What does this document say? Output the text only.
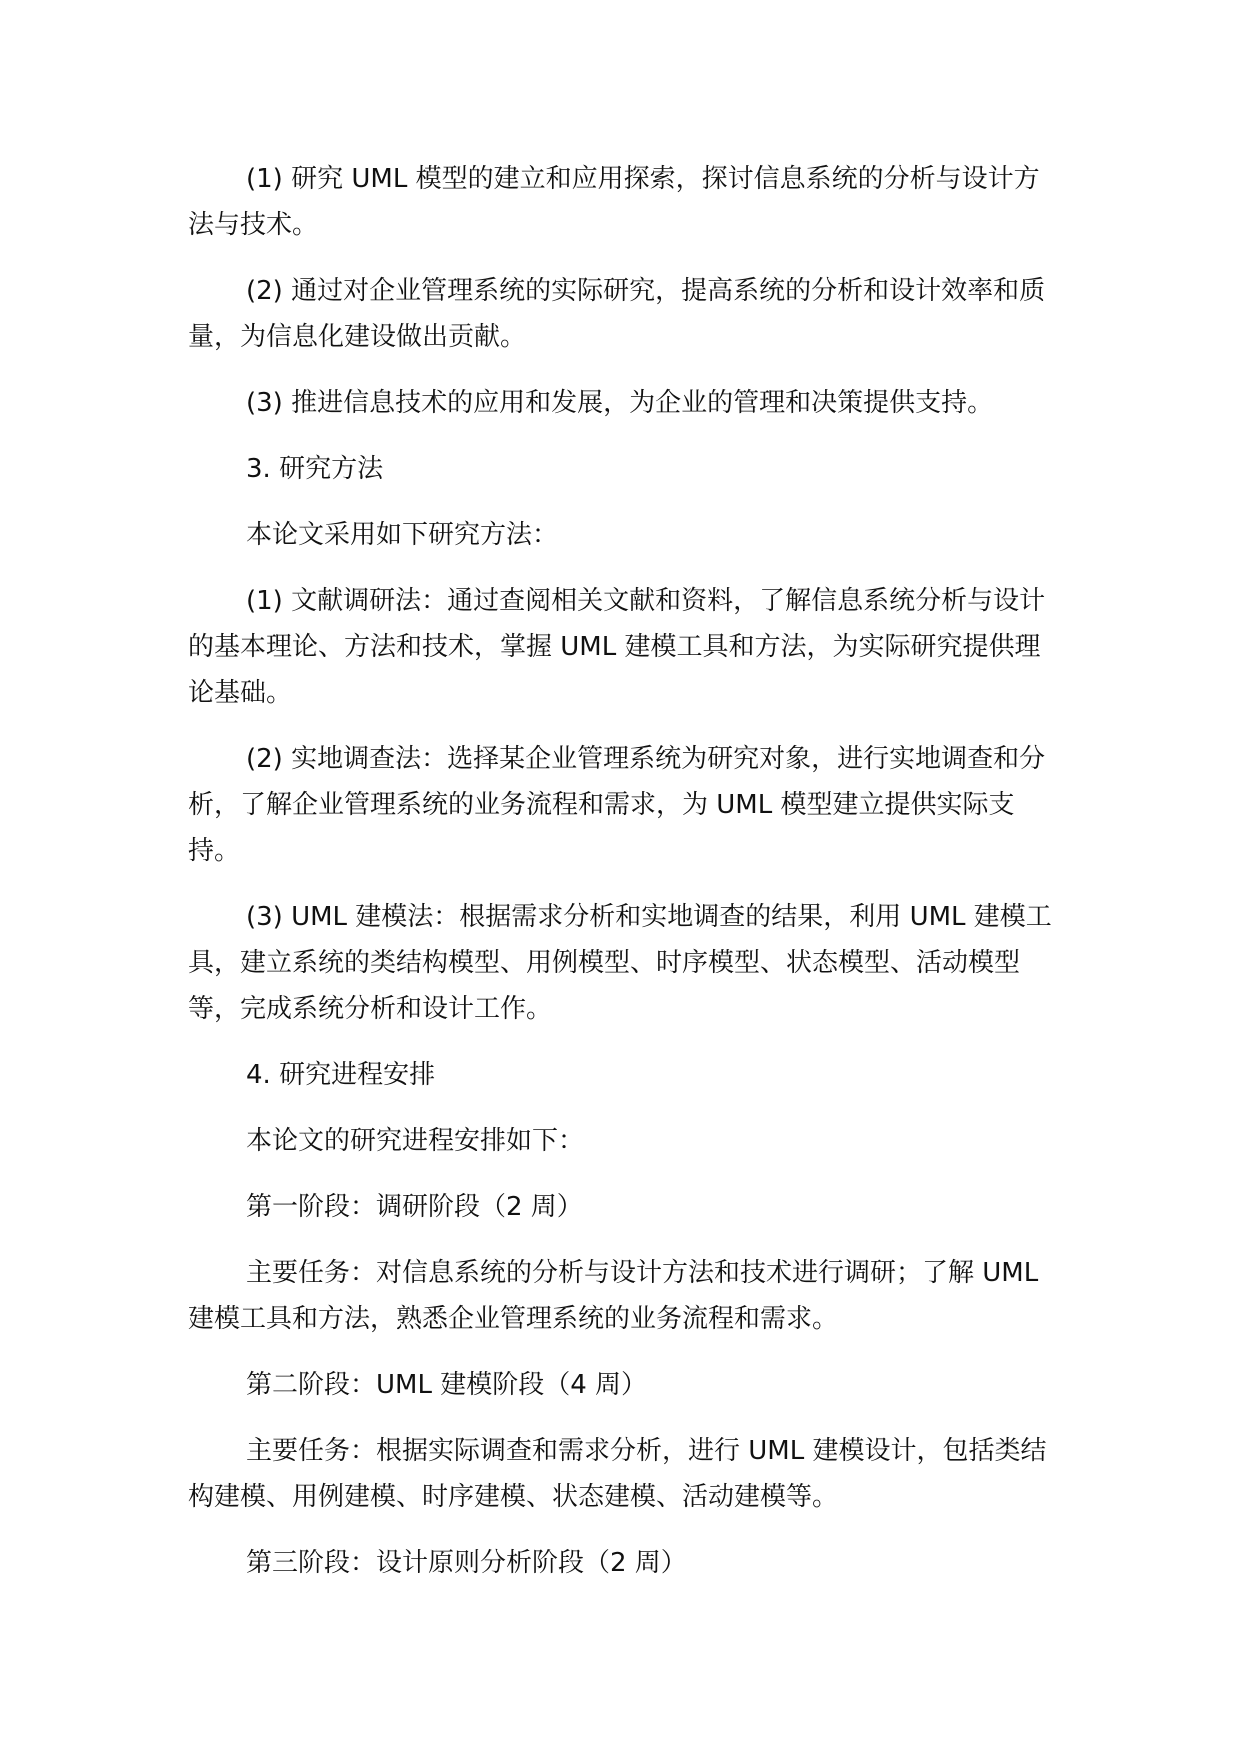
(1) 研究 UML 模型的建立和应用探索，探讨信息系统的分析与设计方法与技术。

(2) 通过对企业管理系统的实际研究，提高系统的分析和设计效率和质量，为信息化建设做出贡献。

(3) 推进信息技术的应用和发展，为企业的管理和决策提供支持。

3. 研究方法

本论文采用如下研究方法：

(1) 文献调研法：通过查阅相关文献和资料，了解信息系统分析与设计的基本理论、方法和技术，掌握 UML 建模工具和方法，为实际研究提供理论基础。

(2) 实地调查法：选择某企业管理系统为研究对象，进行实地调查和分析，了解企业管理系统的业务流程和需求，为 UML 模型建立提供实际支持。

(3) UML 建模法：根据需求分析和实地调查的结果，利用 UML 建模工具，建立系统的类结构模型、用例模型、时序模型、状态模型、活动模型等，完成系统分析和设计工作。

4. 研究进程安排

本论文的研究进程安排如下：

第一阶段：调研阶段（2 周）

主要任务：对信息系统的分析与设计方法和技术进行调研；了解 UML 建模工具和方法，熟悉企业管理系统的业务流程和需求。

第二阶段：UML 建模阶段（4 周）

主要任务：根据实际调查和需求分析，进行 UML 建模设计，包括类结构建模、用例建模、时序建模、状态建模、活动建模等。

第三阶段：设计原则分析阶段（2 周）
